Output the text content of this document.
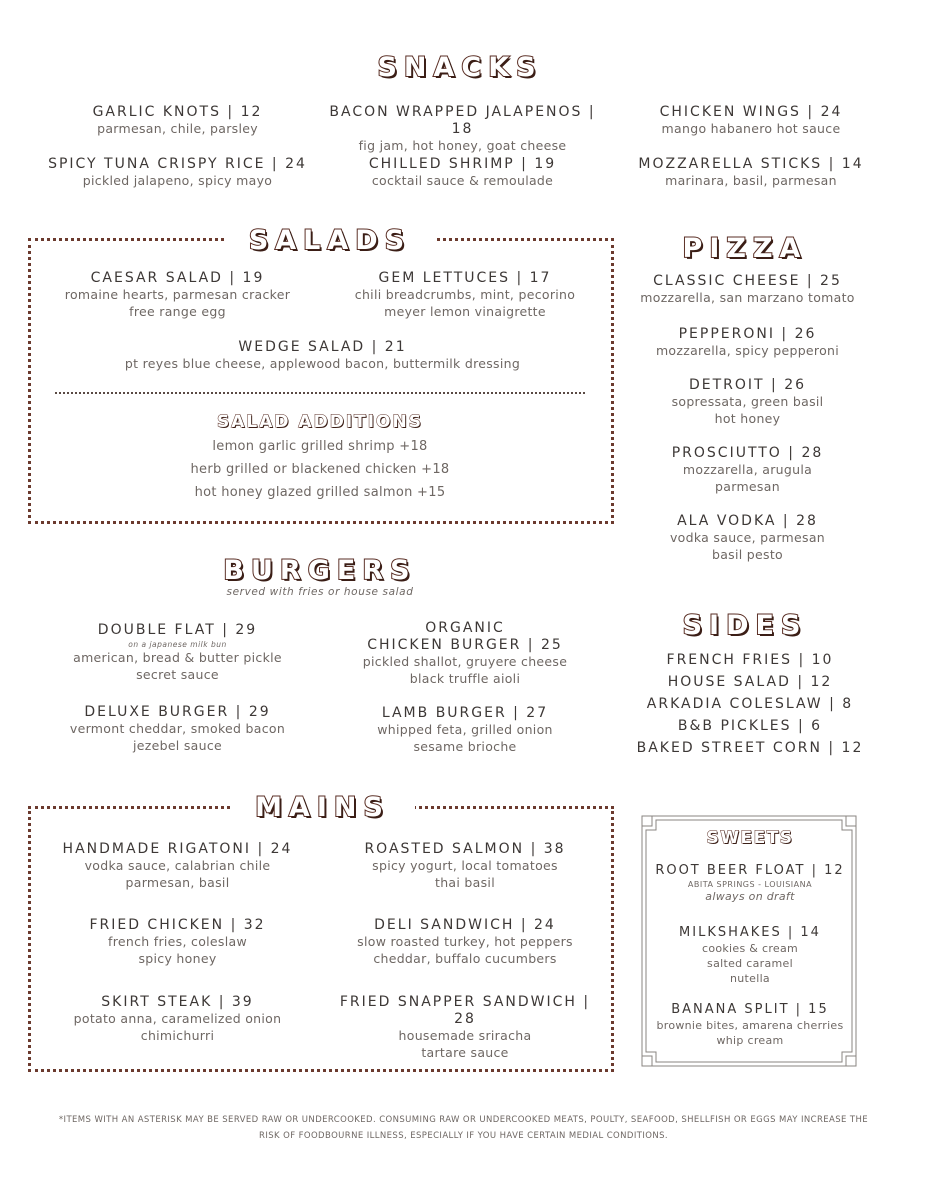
SNACKS
GARLIC KNOTS | 12
parmesan, chile, parsley
BACON WRAPPED JALAPENOS | 18
fig jam, hot honey, goat cheese
CHICKEN WINGS | 24
mango habanero hot sauce
SPICY TUNA CRISPY RICE | 24
pickled jalapeno, spicy mayo
CHILLED SHRIMP | 19
cocktail sauce & remoulade
MOZZARELLA STICKS | 14
marinara, basil, parmesan
SALADS
CAESAR SALAD | 19
romaine hearts, parmesan cracker
free range egg
GEM LETTUCES | 17
chili breadcrumbs, mint, pecorino
meyer lemon vinaigrette
WEDGE SALAD | 21
pt reyes blue cheese, applewood bacon, buttermilk dressing
SALAD ADDITIONS
lemon garlic grilled shrimp +18
herb grilled or blackened chicken +18
hot honey glazed grilled salmon +15
PIZZA
CLASSIC CHEESE | 25
mozzarella, san marzano tomato
PEPPERONI | 26
mozzarella, spicy pepperoni
DETROIT | 26
sopressata, green basil
hot honey
PROSCIUTTO | 28
mozzarella, arugula
parmesan
ALA VODKA | 28
vodka sauce, parmesan
basil pesto
BURGERS
served with fries or house salad
DOUBLE FLAT | 29
on a japanese milk bun
american, bread & butter pickle
secret sauce
ORGANIC
CHICKEN BURGER | 25
pickled shallot, gruyere cheese
black truffle aioli
DELUXE BURGER | 29
vermont cheddar, smoked bacon
jezebel sauce
LAMB BURGER | 27
whipped feta, grilled onion
sesame brioche
SIDES
FRENCH FRIES | 10
HOUSE SALAD | 12
ARKADIA COLESLAW | 8
B&B PICKLES | 6
BAKED STREET CORN | 12
MAINS
HANDMADE RIGATONI | 24
vodka sauce, calabrian chile
parmesan, basil
ROASTED SALMON | 38
spicy yogurt, local tomatoes
thai basil
FRIED CHICKEN | 32
french fries, coleslaw
spicy honey
DELI SANDWICH | 24
slow roasted turkey, hot peppers
cheddar, buffalo cucumbers
SKIRT STEAK | 39
potato anna, caramelized onion
chimichurri
FRIED SNAPPER SANDWICH | 28
housemade sriracha
tartare sauce
SWEETS
ROOT BEER FLOAT | 12
ABITA SPRINGS - LOUISIANA
always on draft
MILKSHAKES | 14
cookies & cream
salted caramel
nutella
BANANA SPLIT | 15
brownie bites, amarena cherries
whip cream
*ITEMS WITH AN ASTERISK MAY BE SERVED RAW OR UNDERCOOKED. CONSUMING RAW OR UNDERCOOKED MEATS, POULTY, SEAFOOD, SHELLFISH OR EGGS MAY INCREASE THE
RISK OF FOODBOURNE ILLNESS, ESPECIALLY IF YOU HAVE CERTAIN MEDIAL CONDITIONS.
